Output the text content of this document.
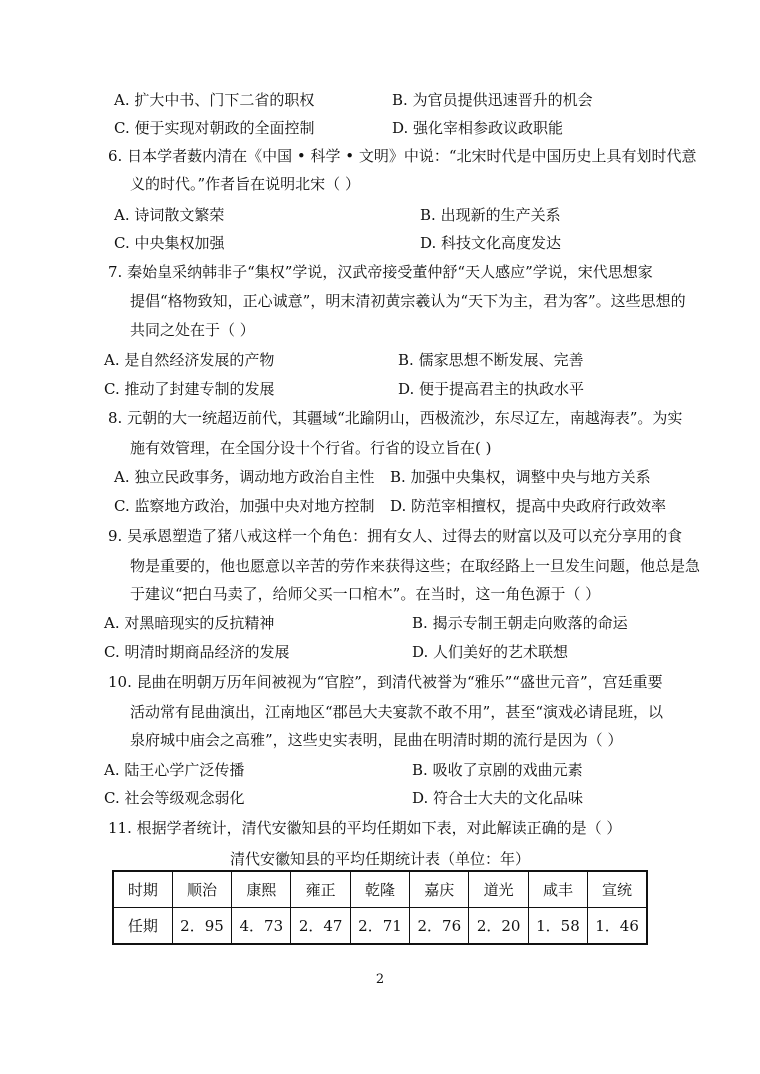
A. 扩大中书、门下二省的职权	B. 为官员提供迅速晋升的机会
C. 便于实现对朝政的全面控制	D. 强化宰相参政议政职能
6. 日本学者薮内清在《中国 • 科学 • 文明》中说：“北宋时代是中国历史上具有划时代意
义的时代。”作者旨在说明北宋（ ）
A. 诗词散文繁荣	B. 出现新的生产关系
C. 中央集权加强	D. 科技文化高度发达
7. 秦始皇采纳韩非子“集权”学说，汉武帝接受董仲舒“天人感应”学说，宋代思想家
提倡“格物致知，正心诚意”，明末清初黄宗羲认为“天下为主，君为客”。这些思想的
共同之处在于（ ）
A. 是自然经济发展的产物	B. 儒家思想不断发展、完善
C. 推动了封建专制的发展	D. 便于提高君主的执政水平
8. 元朝的大一统超迈前代，其疆域“北踰阴山，西极流沙，东尽辽左，南越海表”。为实
施有效管理，在全国分设十个行省。行省的设立旨在( )
A. 独立民政事务，调动地方政治自主性 B. 加强中央集权，调整中央与地方关系
C. 监察地方政治，加强中央对地方控制 D. 防范宰相擅权，提高中央政府行政效率
9. 吴承恩塑造了猪八戒这样一个角色：拥有女人、过得去的财富以及可以充分享用的食
物是重要的，他也愿意以辛苦的劳作来获得这些；在取经路上一旦发生问题，他总是急
于建议“把白马卖了，给师父买一口棺木”。在当时，这一角色源于（ ）
A. 对黑暗现实的反抗精神	B. 揭示专制王朝走向败落的命运
C. 明清时期商品经济的发展	D. 人们美好的艺术联想
10. 昆曲在明朝万历年间被视为“官腔”，到清代被誉为“雅乐”“盛世元音”，宫廷重要
活动常有昆曲演出，江南地区“郡邑大夫宴款不敢不用”，甚至“演戏必请昆班，以
泉府城中庙会之高雅”，这些史实表明，昆曲在明清时期的流行是因为（ ）
A. 陆王心学广泛传播	B. 吸收了京剧的戏曲元素
C. 社会等级观念弱化	D. 符合士大夫的文化品味
11. 根据学者统计，清代安徽知县的平均任期如下表，对此解读正确的是（ ）
清代安徽知县的平均任期统计表（单位：年）
时期	顺治	康熙	雍正	乾隆	嘉庆	道光	咸丰	宣统
任期	2．95	4．73	2．47	2．71	2．76	2．20	1．58	1．46
2
